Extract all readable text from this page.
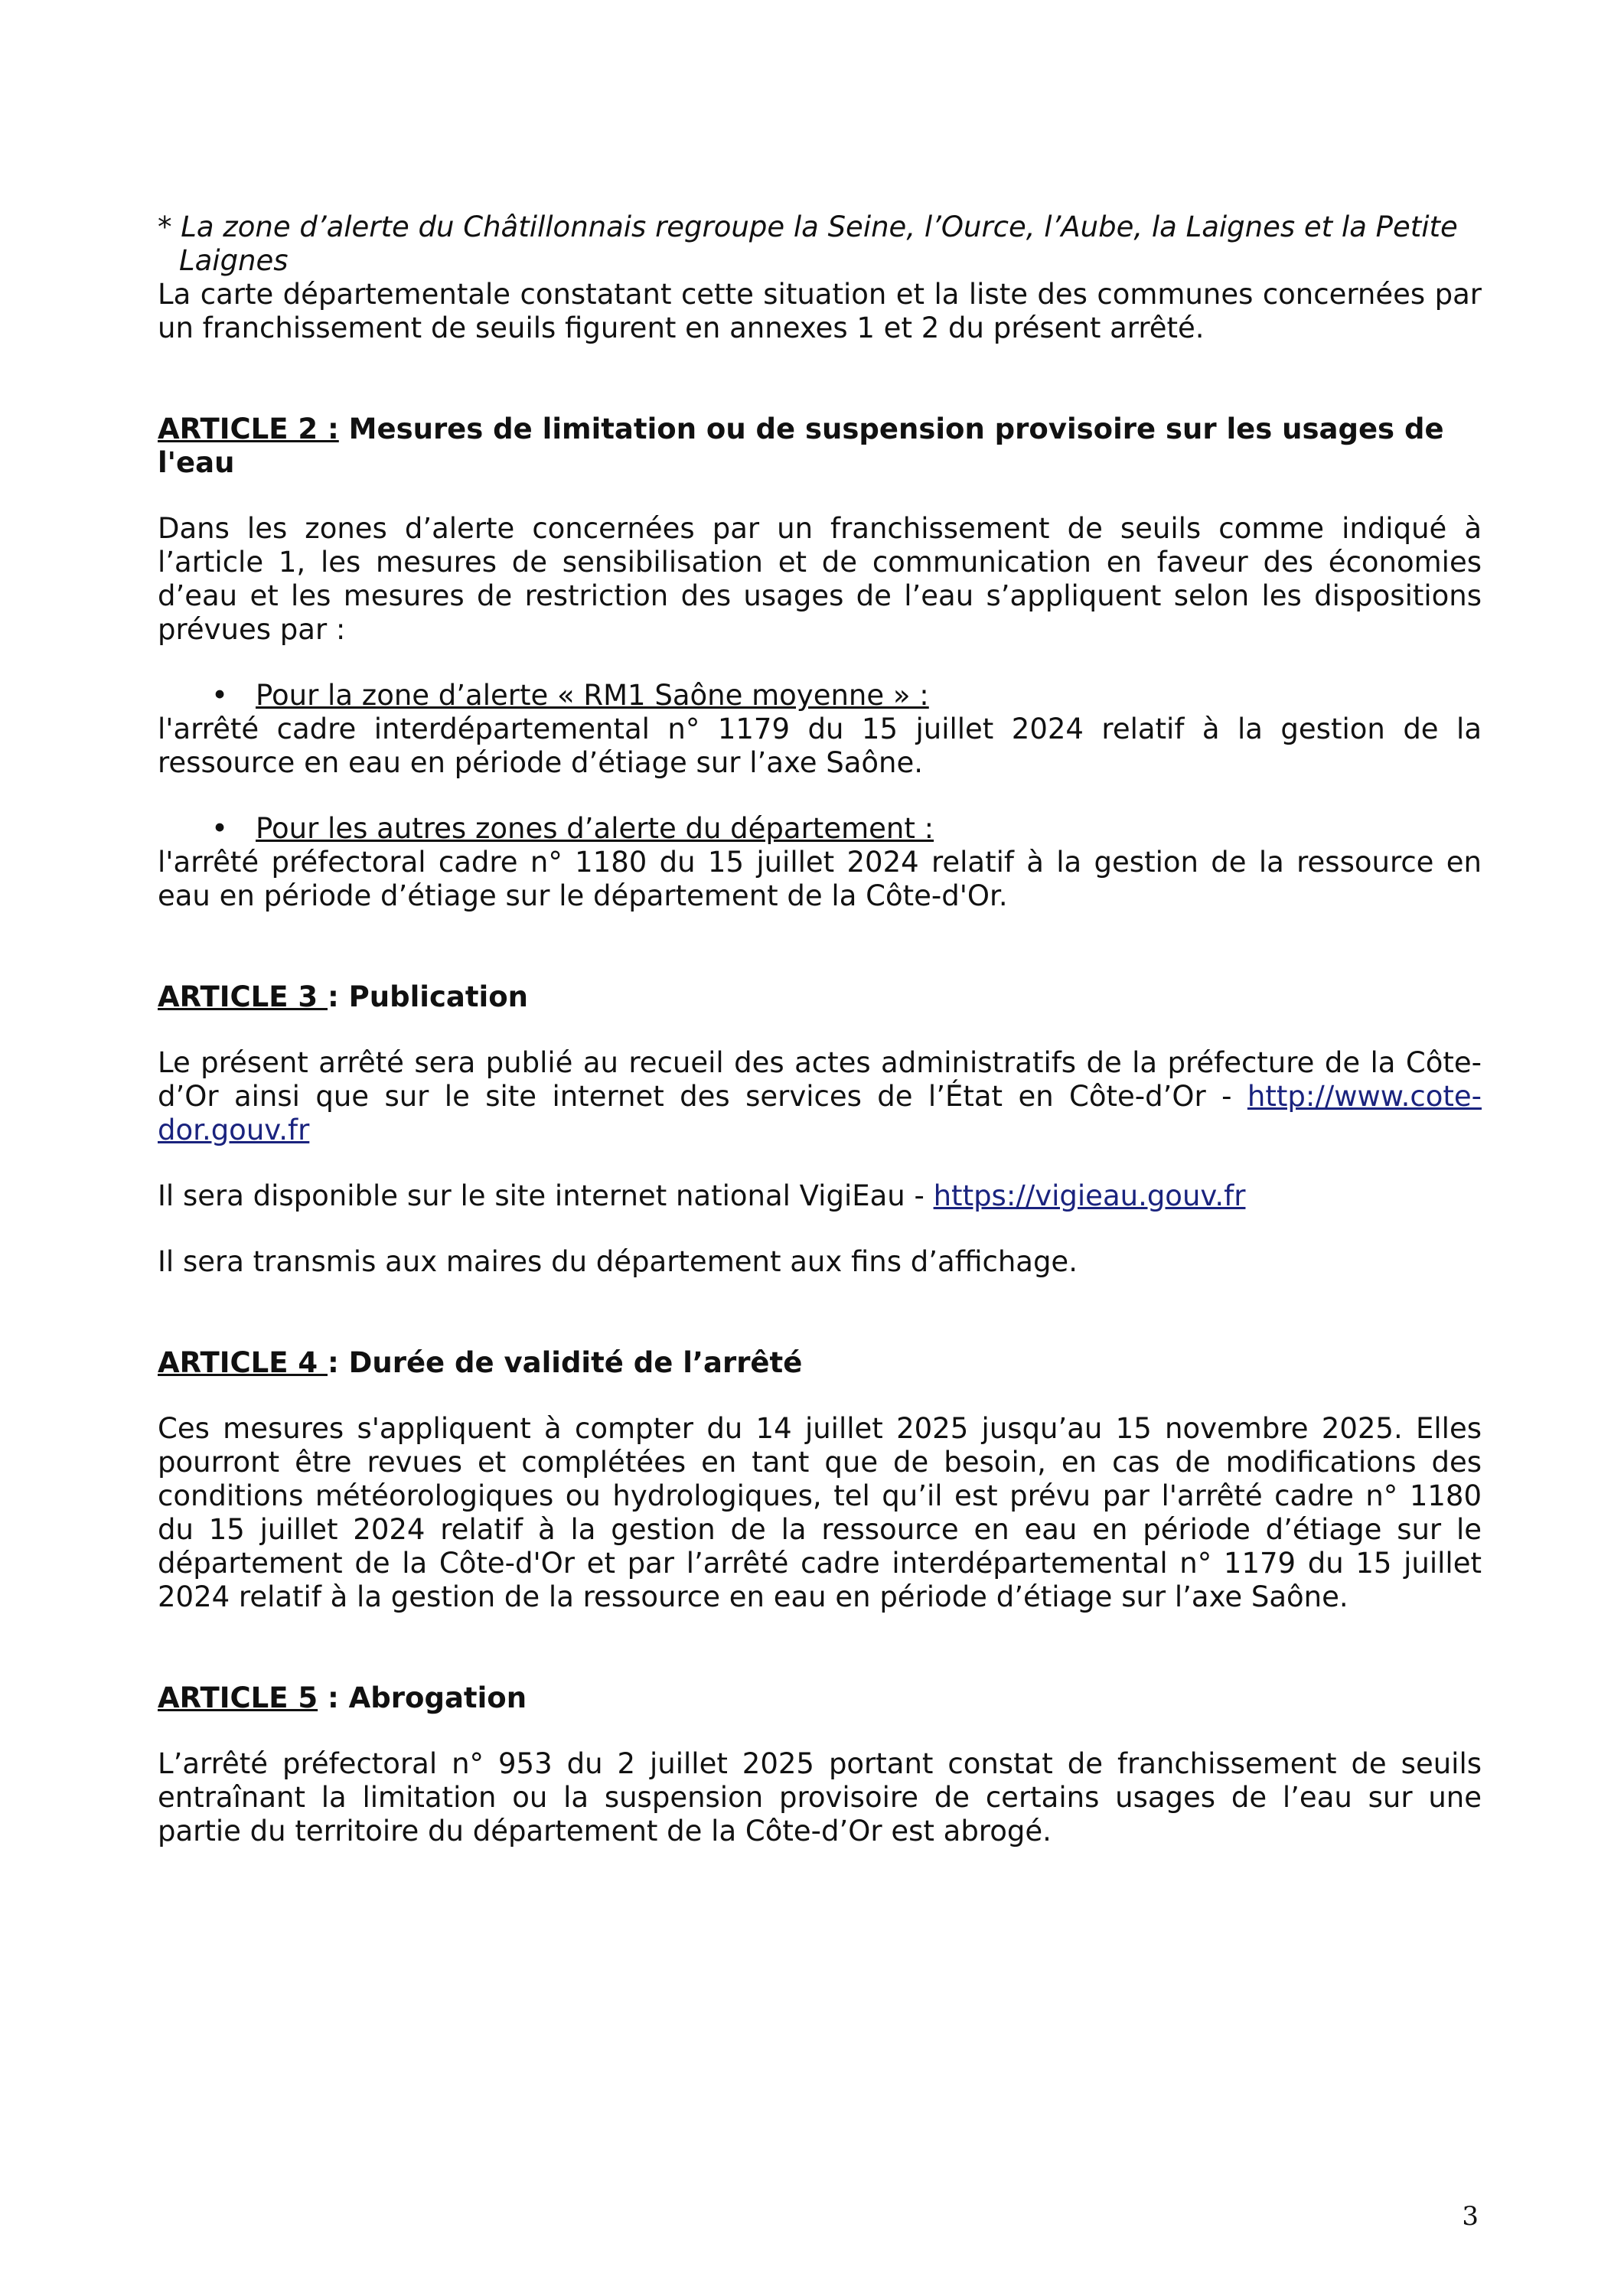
* La zone d’alerte du Châtillonnais regroupe la Seine, l’Ource, l’Aube, la Laignes et la Petite Laignes

La carte départementale constatant cette situation et la liste des communes concernées par un franchissement de seuils figurent en annexes 1 et 2 du présent arrêté.

ARTICLE 2 : Mesures de limitation ou de suspension provisoire sur les usages de l'eau

Dans les zones d’alerte concernées par un franchissement de seuils comme indiqué à l’article 1, les mesures de sensibilisation et de communication en faveur des économies d’eau et les mesures de restriction des usages de l’eau s’appliquent selon les dispositions prévues par :

• Pour la zone d’alerte « RM1 Saône moyenne » :

l'arrêté cadre interdépartemental n° 1179 du 15 juillet 2024 relatif à la gestion de la ressource en eau en période d’étiage sur l’axe Saône.

• Pour les autres zones d’alerte du département :

l'arrêté préfectoral cadre n° 1180 du 15 juillet 2024 relatif à la gestion de la ressource en eau en période d’étiage sur le département de la Côte-d'Or.

ARTICLE 3 : Publication

Le présent arrêté sera publié au recueil des actes administratifs de la préfecture de la Côte-d’Or ainsi que sur le site internet des services de l’État en Côte-d’Or - http://www.cote-dor.gouv.fr

Il sera disponible sur le site internet national VigiEau - https://vigieau.gouv.fr

Il sera transmis aux maires du département aux fins d’affichage.

ARTICLE 4 : Durée de validité de l’arrêté

Ces mesures s'appliquent à compter du 14 juillet 2025 jusqu’au 15 novembre 2025. Elles pourront être revues et complétées en tant que de besoin, en cas de modifications des conditions météorologiques ou hydrologiques, tel qu’il est prévu par l'arrêté cadre n° 1180 du 15 juillet 2024 relatif à la gestion de la ressource en eau en période d’étiage sur le département de la Côte-d'Or et par l’arrêté cadre interdépartemental n° 1179 du 15 juillet 2024 relatif à la gestion de la ressource en eau en période d’étiage sur l’axe Saône.

ARTICLE 5 : Abrogation

L’arrêté préfectoral n° 953 du 2 juillet 2025 portant constat de franchissement de seuils entraînant la limitation ou la suspension provisoire de certains usages de l’eau sur une partie du territoire du département de la Côte-d’Or est abrogé.

3
